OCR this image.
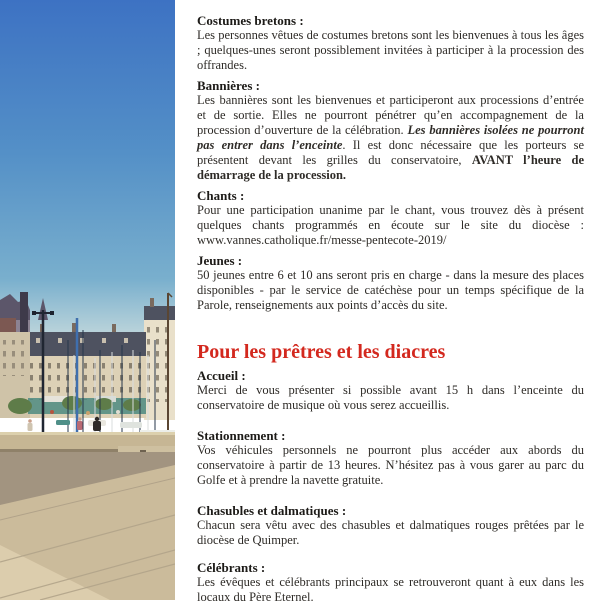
Costumes bretons :

Les personnes vêtues de costumes bretons sont les bienvenues à tous les âges ; quelques-unes seront possiblement invitées à participer à la procession des offrandes.

Bannières :

Les bannières sont les bienvenues et participeront aux processions d’entrée et de sortie. Elles ne pourront pénétrer qu’en accompagnement de la procession d’ouverture de la célébration. Les bannières isolées ne pourront pas entrer dans l’enceinte. Il est donc nécessaire que les porteurs se présentent devant les grilles du conservatoire, AVANT l’heure de démarrage de la procession.

Chants :

Pour une participation unanime par le chant, vous trouvez dès à présent quelques chants programmés en écoute sur le site du diocèse : www.vannes.catholique.fr/messe-pentecote-2019/

Jeunes :

50 jeunes entre 6 et 10 ans seront pris en charge - dans la mesure des places disponibles - par le service de catéchèse pour un temps spécifique de la Parole, renseignements aux points d’accès du site.

Pour les prêtres et les diacres
Accueil :

Merci de vous présenter si possible avant 15 h dans l’enceinte du conservatoire de musique où vous serez accueillis.

Stationnement :

Vos véhicules personnels ne pourront plus accéder aux abords du conservatoire à partir de 13 heures. N’hésitez pas à vous garer au parc du Golfe et à prendre la navette gratuite.

Chasubles et dalmatiques :

Chacun sera vêtu avec des chasubles et dalmatiques rouges prêtées par le diocèse de Quimper.

Célébrants :

Les évêques et célébrants principaux se retrouveront quant à eux dans les locaux du Père Eternel.
